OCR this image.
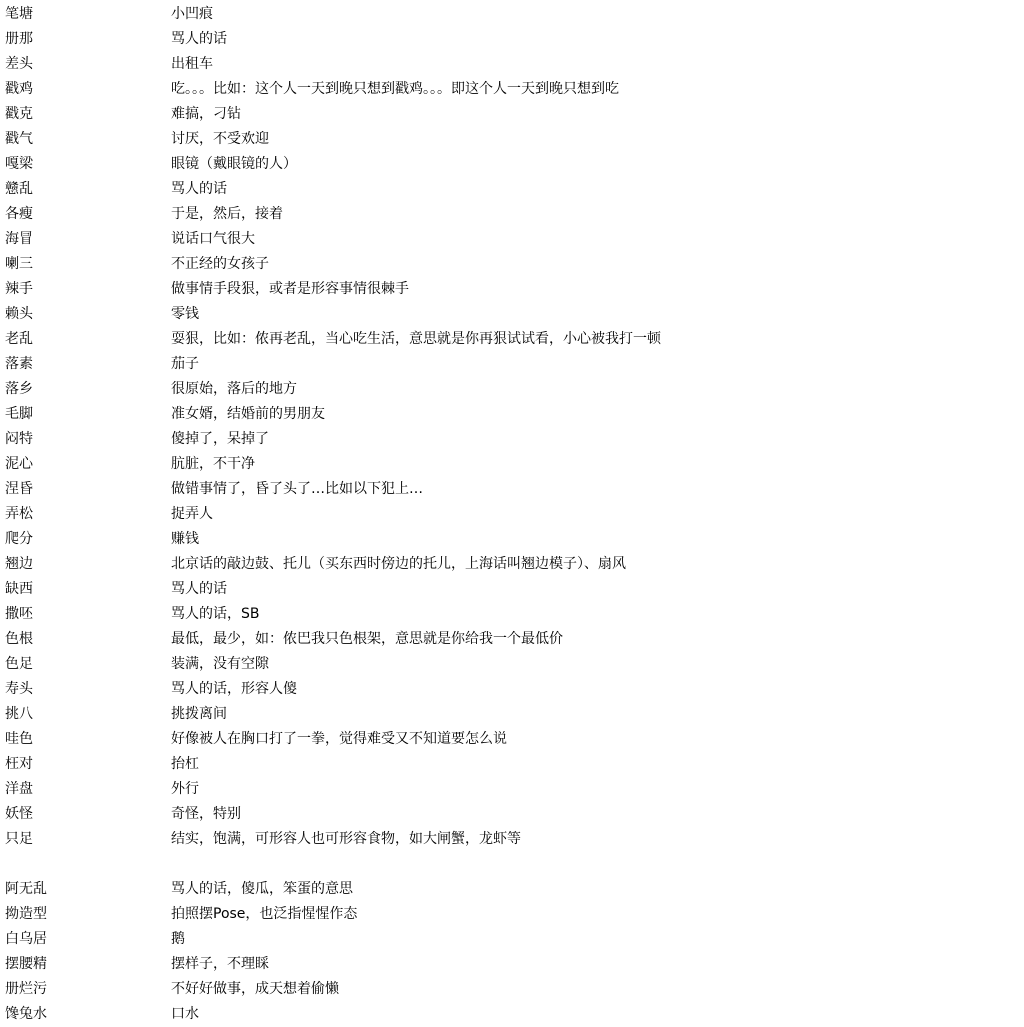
笔塘	小凹痕
册那	骂人的话
差头	出租车
戳鸡	吃。。。比如：这个人一天到晚只想到戳鸡。。。即这个人一天到晚只想到吃
戳克	难搞，刁钻
戳气	讨厌，不受欢迎
嘎梁	眼镜（戴眼镜的人）
戆乱	骂人的话
各瘦	于是，然后，接着
海冒	说话口气很大
喇三	不正经的女孩子
辣手	做事情手段狠，或者是形容事情很棘手
赖头	零钱
老乱	耍狠，比如：侬再老乱，当心吃生活，意思就是你再狠试试看，小心被我打一顿
落素	茄子
落乡	很原始，落后的地方
毛脚	准女婿，结婚前的男朋友
闷特	傻掉了，呆掉了
泥心	肮脏，不干净
涅昏	做错事情了，昏了头了…比如以下犯上…
弄松	捉弄人
爬分	赚钱
翘边	北京话的敲边鼓、托儿（买东西时傍边的托儿，上海话叫翘边模子）、扇风
缺西	骂人的话
撒呸	骂人的话，SB
色根	最低，最少，如：侬巴我只色根架，意思就是你给我一个最低价
色足	装满，没有空隙
寿头	骂人的话，形容人傻
挑八	挑拨离间
哇色	好像被人在胸口打了一拳，觉得难受又不知道要怎么说
枉对	抬杠
洋盘	外行
妖怪	奇怪，特别
只足	结实，饱满，可形容人也可形容食物，如大闸蟹，龙虾等
阿无乱	骂人的话，傻瓜，笨蛋的意思
拗造型	拍照摆Pose，也泛指惺惺作态
白乌居	鹅
摆腰精	摆样子，不理睬
册烂污	不好好做事，成天想着偷懒
馋兔水	口水
